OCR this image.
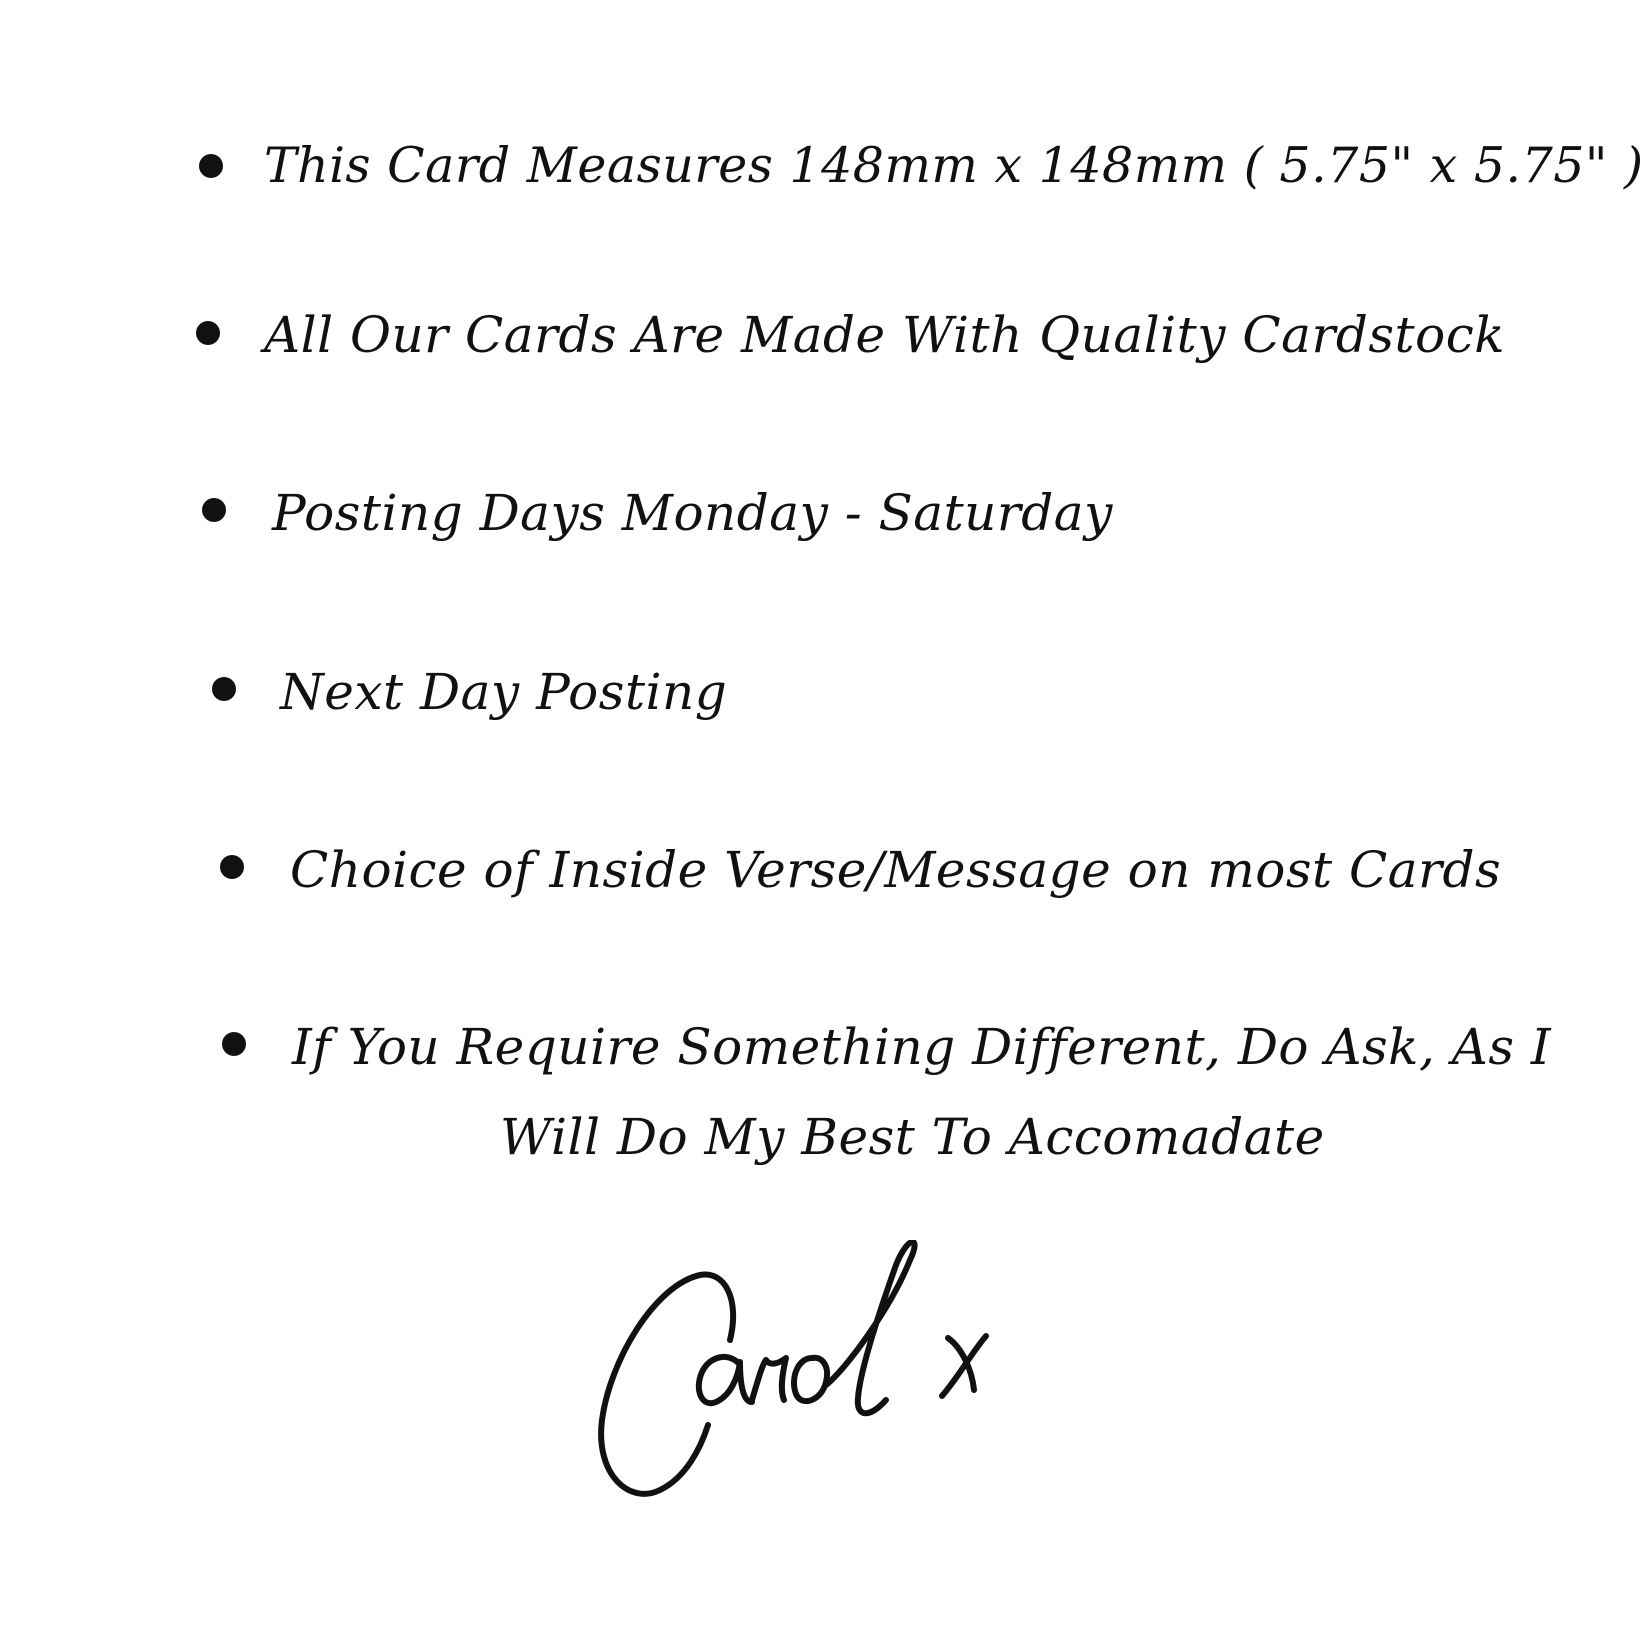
This Card Measures 148mm x 148mm ( 5.75" x 5.75" )
All Our Cards Are Made With Quality Cardstock
Posting Days Monday - Saturday
Next Day Posting
Choice of Inside Verse/Message on most Cards
If You Require Something Different, Do Ask, As I
Will Do My Best To Accomadate
